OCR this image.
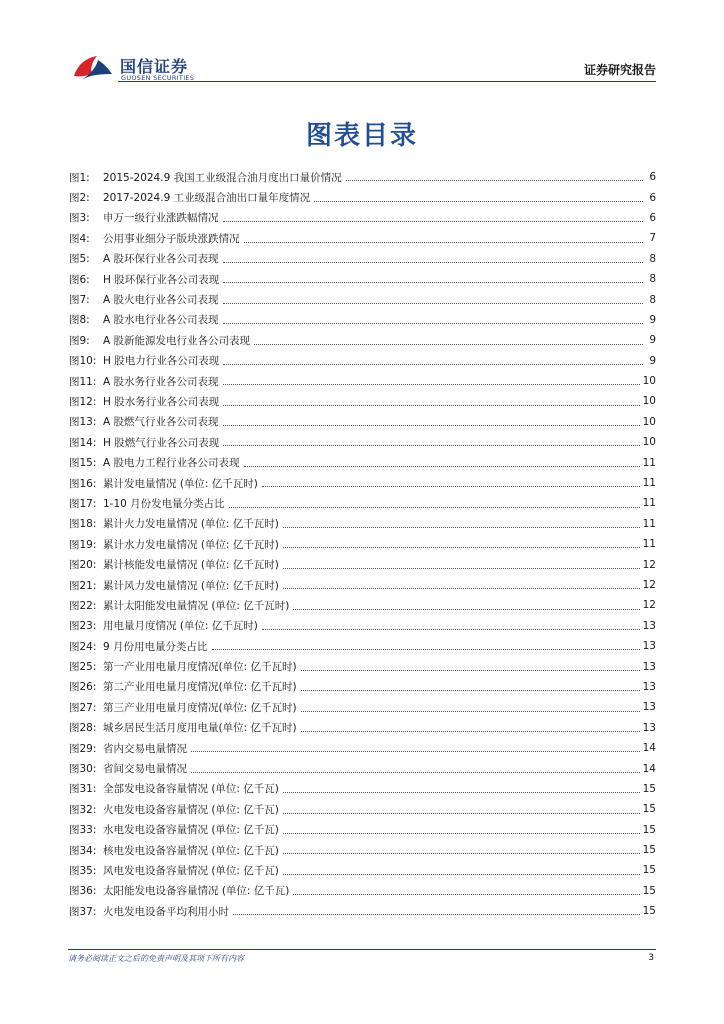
国信证券
GUOSEN SECURITIES
证券研究报告
图表目录
图1:	2015-2024.9 我国工业级混合油月度出口量价情况	6
图2:	2017-2024.9 工业级混合油出口量年度情况	6
图3:	申万一级行业涨跌幅情况	6
图4:	公用事业细分子版块涨跌情况	7
图5:	A 股环保行业各公司表现	8
图6:	H 股环保行业各公司表现	8
图7:	A 股火电行业各公司表现	8
图8:	A 股水电行业各公司表现	9
图9:	A 股新能源发电行业各公司表现	9
图10: H 股电力行业各公司表现	9
图11: A 股水务行业各公司表现	10
图12: H 股水务行业各公司表现	10
图13: A 股燃气行业各公司表现	10
图14: H 股燃气行业各公司表现	10
图15: A 股电力工程行业各公司表现	11
图16: 累计发电量情况 (单位: 亿千瓦时)	11
图17: 1-10 月份发电量分类占比	11
图18: 累计火力发电量情况 (单位: 亿千瓦时)	11
图19: 累计水力发电量情况 (单位: 亿千瓦时)	11
图20: 累计核能发电量情况 (单位: 亿千瓦时)	12
图21: 累计风力发电量情况 (单位: 亿千瓦时)	12
图22: 累计太阳能发电量情况 (单位: 亿千瓦时)	12
图23: 用电量月度情况 (单位: 亿千瓦时)	13
图24: 9 月份用电量分类占比	13
图25: 第一产业用电量月度情况(单位: 亿千瓦时)	13
图26: 第二产业用电量月度情况(单位: 亿千瓦时)	13
图27: 第三产业用电量月度情况(单位: 亿千瓦时)	13
图28: 城乡居民生活月度用电量(单位: 亿千瓦时)	13
图29: 省内交易电量情况	14
图30: 省间交易电量情况	14
图31: 全部发电设备容量情况 (单位: 亿千瓦)	15
图32: 火电发电设备容量情况 (单位: 亿千瓦)	15
图33: 水电发电设备容量情况 (单位: 亿千瓦)	15
图34: 核电发电设备容量情况 (单位: 亿千瓦)	15
图35: 风电发电设备容量情况 (单位: 亿千瓦)	15
图36: 太阳能发电设备容量情况 (单位: 亿千瓦)	15
图37: 火电发电设备平均利用小时	15
请务必阅读正文之后的免责声明及其项下所有内容	3
